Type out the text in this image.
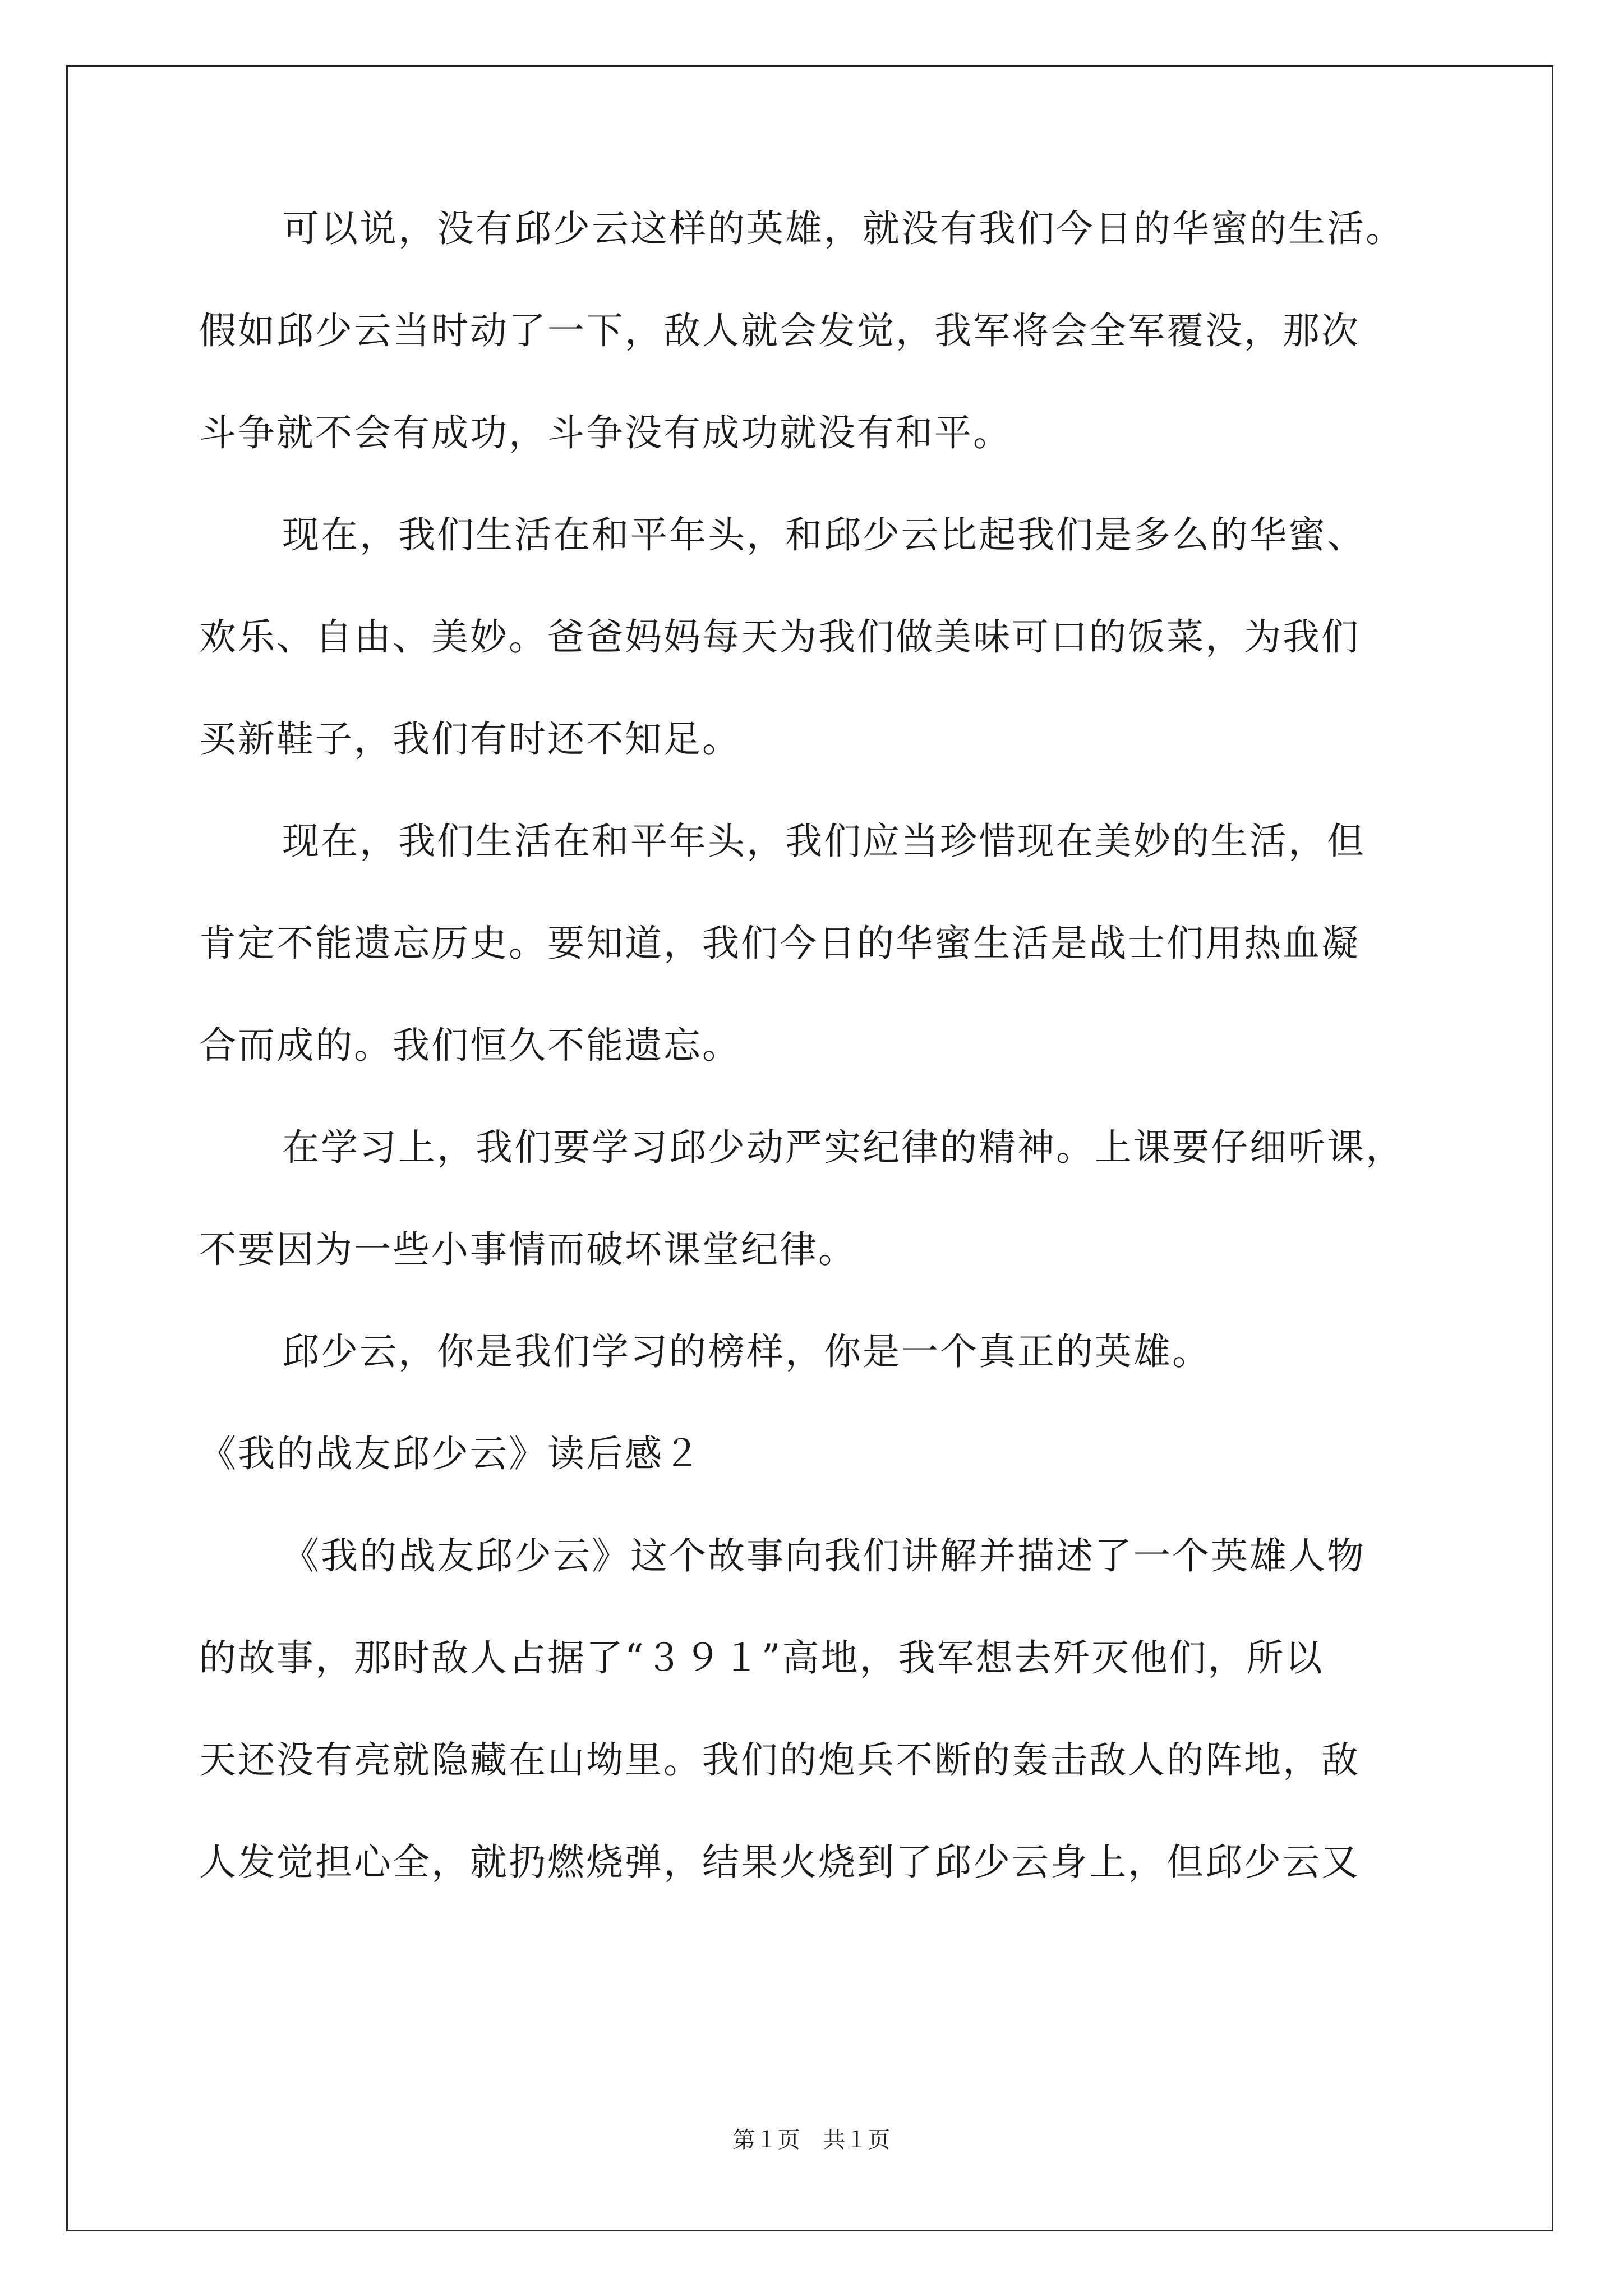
可以说，没有邱少云这样的英雄，就没有我们今日的华蜜的生活。
假如邱少云当时动了一下，敌人就会发觉，我军将会全军覆没，那次
斗争就不会有成功，斗争没有成功就没有和平。
现在，我们生活在和平年头，和邱少云比起我们是多么的华蜜、
欢乐、自由、美妙。爸爸妈妈每天为我们做美味可口的饭菜，为我们
买新鞋子，我们有时还不知足。
现在，我们生活在和平年头，我们应当珍惜现在美妙的生活，但
肯定不能遗忘历史。要知道，我们今日的华蜜生活是战士们用热血凝
合而成的。我们恒久不能遗忘。
在学习上，我们要学习邱少动严实纪律的精神。上课要仔细听课，
不要因为一些小事情而破坏课堂纪律。
邱少云，你是我们学习的榜样，你是一个真正的英雄。
《我的战友邱少云》读后感２
《我的战友邱少云》这个故事向我们讲解并描述了一个英雄人物
的故事，那时敌人占据了“３９１”高地，我军想去歼灭他们，所以
天还没有亮就隐藏在山坳里。我们的炮兵不断的轰击敌人的阵地，敌
人发觉担心全，就扔燃烧弹，结果火烧到了邱少云身上，但邱少云又
第１页 共１页
